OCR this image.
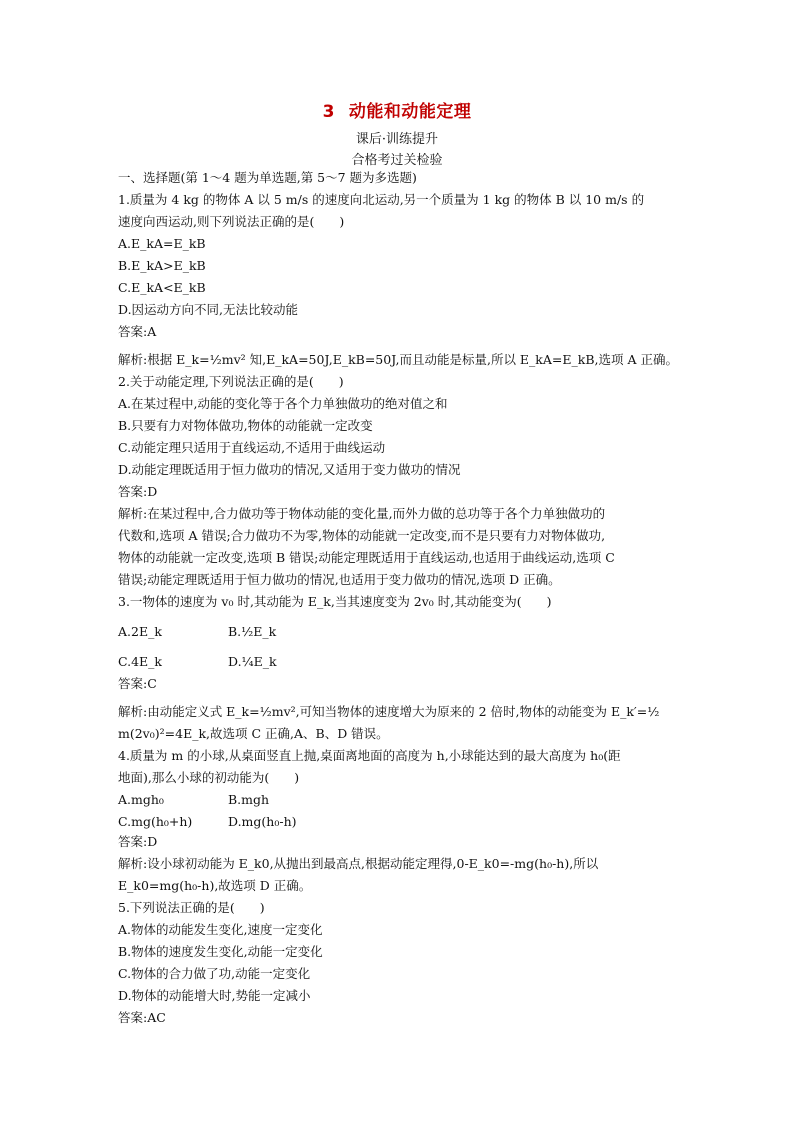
3 动能和动能定理
课后·训练提升
合格考过关检验
一、选择题(第 1～4 题为单选题,第 5～7 题为多选题)
1.质量为 4 kg 的物体 A 以 5 m/s 的速度向北运动,另一个质量为 1 kg 的物体 B 以 10 m/s 的
速度向西运动,则下列说法正确的是(　　)
A.E_kA=E_kB
B.E_kA>E_kB
C.E_kA<E_kB
D.因运动方向不同,无法比较动能
答案:A
解析:根据 E_k=½mv² 知,E_kA=50J,E_kB=50J,而且动能是标量,所以 E_kA=E_kB,选项 A 正确。
2.关于动能定理,下列说法正确的是(　　)
A.在某过程中,动能的变化等于各个力单独做功的绝对值之和
B.只要有力对物体做功,物体的动能就一定改变
C.动能定理只适用于直线运动,不适用于曲线运动
D.动能定理既适用于恒力做功的情况,又适用于变力做功的情况
答案:D
解析:在某过程中,合力做功等于物体动能的变化量,而外力做的总功等于各个力单独做功的
代数和,选项 A 错误;合力做功不为零,物体的动能就一定改变,而不是只要有力对物体做功,
物体的动能就一定改变,选项 B 错误;动能定理既适用于直线运动,也适用于曲线运动,选项 C
错误;动能定理既适用于恒力做功的情况,也适用于变力做功的情况,选项 D 正确。
3.一物体的速度为 v₀ 时,其动能为 E_k,当其速度变为 2v₀ 时,其动能变为(　　)
A.2E_k	B.½E_k
C.4E_k	D.¼E_k
答案:C
解析:由动能定义式 E_k=½mv²,可知当物体的速度增大为原来的 2 倍时,物体的动能变为 E_k′=½
m(2v₀)²=4E_k,故选项 C 正确,A、B、D 错误。
4.质量为 m 的小球,从桌面竖直上抛,桌面离地面的高度为 h,小球能达到的最大高度为 h₀(距
地面),那么小球的初动能为(　　)
A.mgh₀	B.mgh
C.mg(h₀+h)	D.mg(h₀-h)
答案:D
解析:设小球初动能为 E_k0,从抛出到最高点,根据动能定理得,0-E_k0=-mg(h₀-h),所以
E_k0=mg(h₀-h),故选项 D 正确。
5.下列说法正确的是(　　)
A.物体的动能发生变化,速度一定变化
B.物体的速度发生变化,动能一定变化
C.物体的合力做了功,动能一定变化
D.物体的动能增大时,势能一定减小
答案:AC
